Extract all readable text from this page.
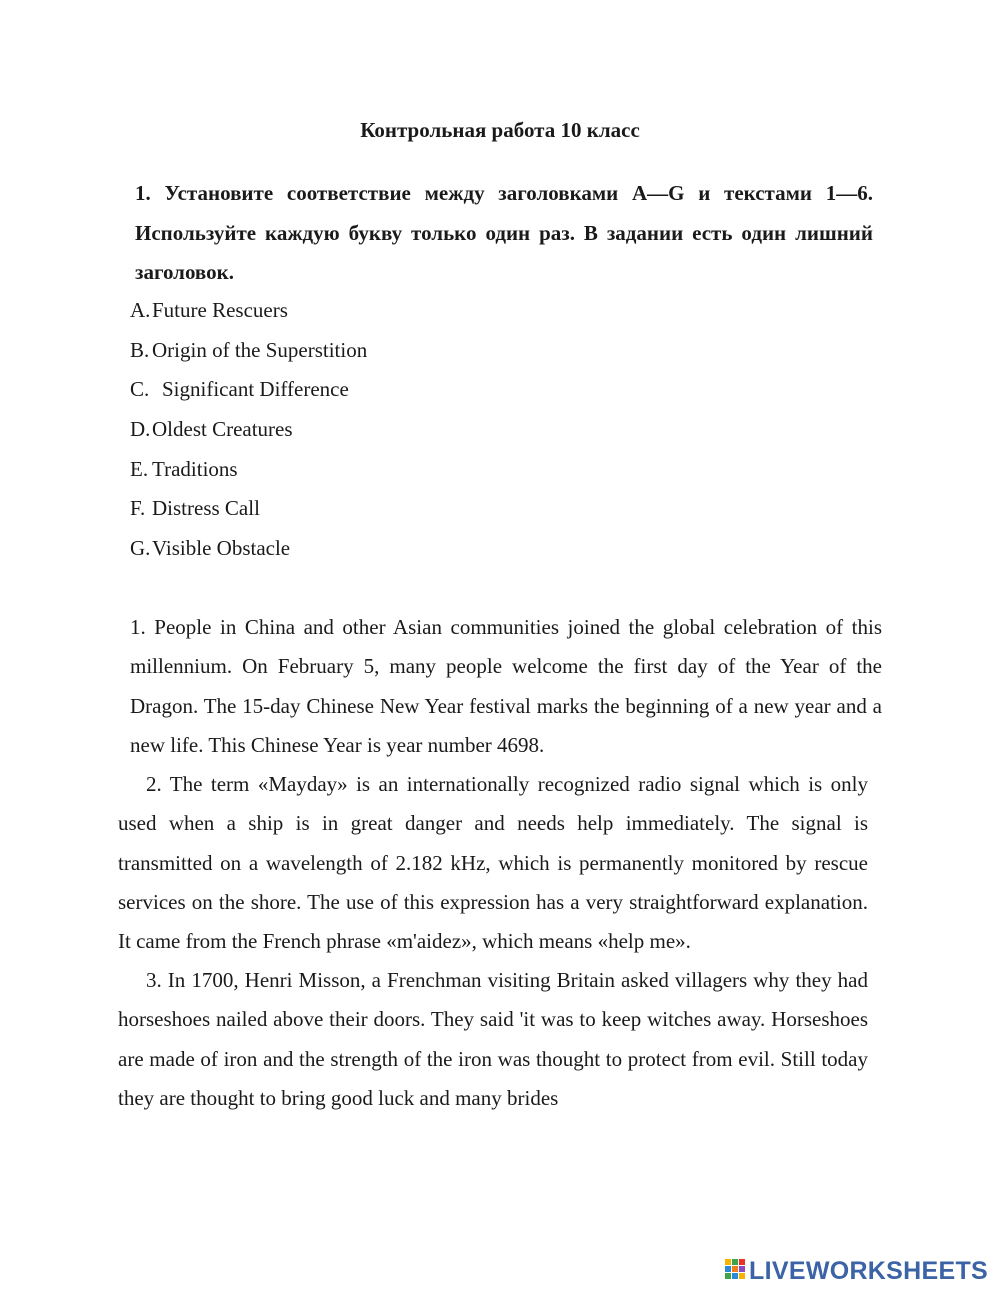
Контрольная работа 10 класс
1. Установите соответствие между заголовками A—G и текстами 1—6. Используйте каждую букву только один раз. В задании есть один лишний заголовок.
A.Future Rescuers
B. Origin of the Superstition
C. Significant Difference
D.Oldest Creatures
E. Traditions
F. Distress Call
G.Visible Obstacle

1. People in China and other Asian communities joined the global celebration of this millennium. On February 5, many people welcome the first day of the Year of the Dragon. The 15-day Chinese New Year festival marks the beginning of a new year and a new life. This Chinese Year is year number 4698.

2. The term «Mayday» is an internationally recognized radio signal which is only used when a ship is in great danger and needs help immediately. The signal is transmitted on a wavelength of 2.182 kHz, which is permanently monitored by rescue services on the shore. The use of this expression has a very straightforward explanation. It came from the French phrase «m'aidez», which means «help me».

3. In 1700, Henri Misson, a Frenchman visiting Britain asked villagers why they had horseshoes nailed above their doors. They said 'it was to keep witches away. Horseshoes are made of iron and the strength of the iron was thought to protect from evil. Still today they are thought to bring good luck and many brides

LIVEWORKSHEETS
